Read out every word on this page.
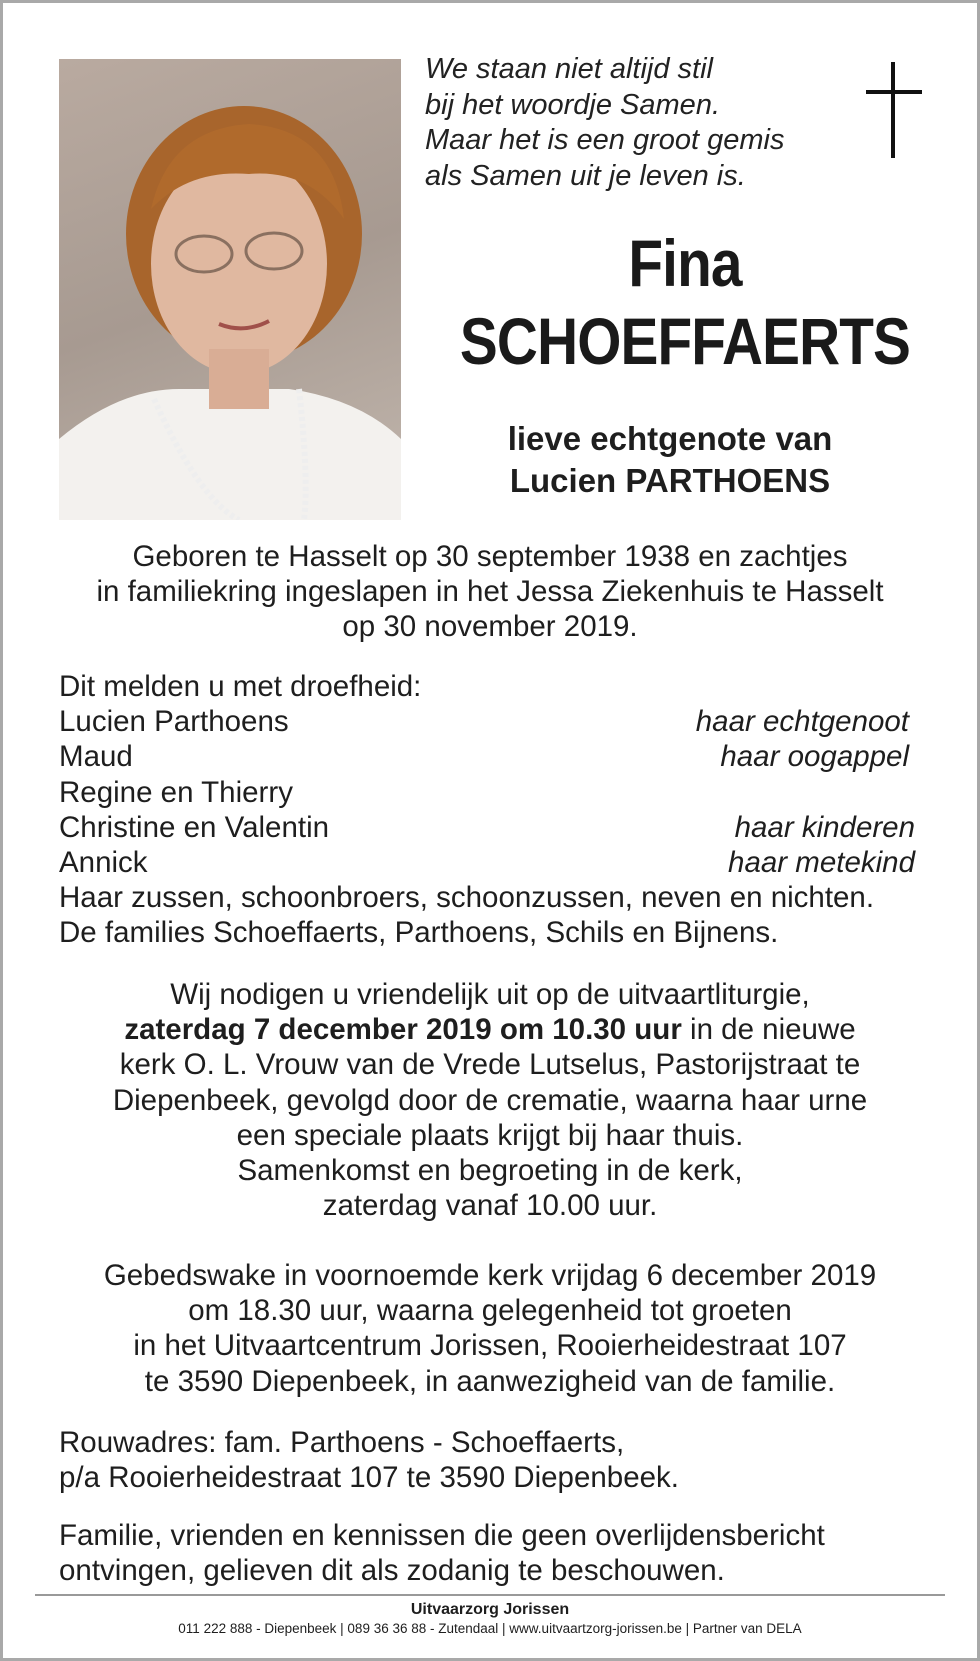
We staan niet altijd stil
bij het woordje Samen.
Maar het is een groot gemis
als Samen uit je leven is.
Fina
SCHOEFFAERTS
lieve echtgenote van
Lucien PARTHOENS
Geboren te Hasselt op 30 september 1938 en zachtjes
in familiekring ingeslapen in het Jessa Ziekenhuis te Hasselt
op 30 november 2019.
Dit melden u met droefheid:
Lucien Parthoens	haar echtgenoot
Maud	haar oogappel
Regine en Thierry
Christine en Valentin	haar kinderen
Annick	haar metekind
Haar zussen, schoonbroers, schoonzussen, neven en nichten.
De families Schoeffaerts, Parthoens, Schils en Bijnens.
Wij nodigen u vriendelijk uit op de uitvaartliturgie,
zaterdag 7 december 2019 om 10.30 uur in de nieuwe
kerk O. L. Vrouw van de Vrede Lutselus, Pastorijstraat te
Diepenbeek, gevolgd door de crematie, waarna haar urne
een speciale plaats krijgt bij haar thuis.
Samenkomst en begroeting in de kerk,
zaterdag vanaf 10.00 uur.
Gebedswake in voornoemde kerk vrijdag 6 december 2019
om 18.30 uur, waarna gelegenheid tot groeten
in het Uitvaartcentrum Jorissen, Rooierheidestraat 107
te 3590 Diepenbeek, in aanwezigheid van de familie.
Rouwadres: fam. Parthoens - Schoeffaerts,
p/a Rooierheidestraat 107 te 3590 Diepenbeek.
Familie, vrienden en kennissen die geen overlijdensbericht
ontvingen, gelieven dit als zodanig te beschouwen.
Uitvaarzorg Jorissen
011 222 888 - Diepenbeek | 089 36 36 88 - Zutendaal | www.uitvaartzorg-jorissen.be | Partner van DELA
